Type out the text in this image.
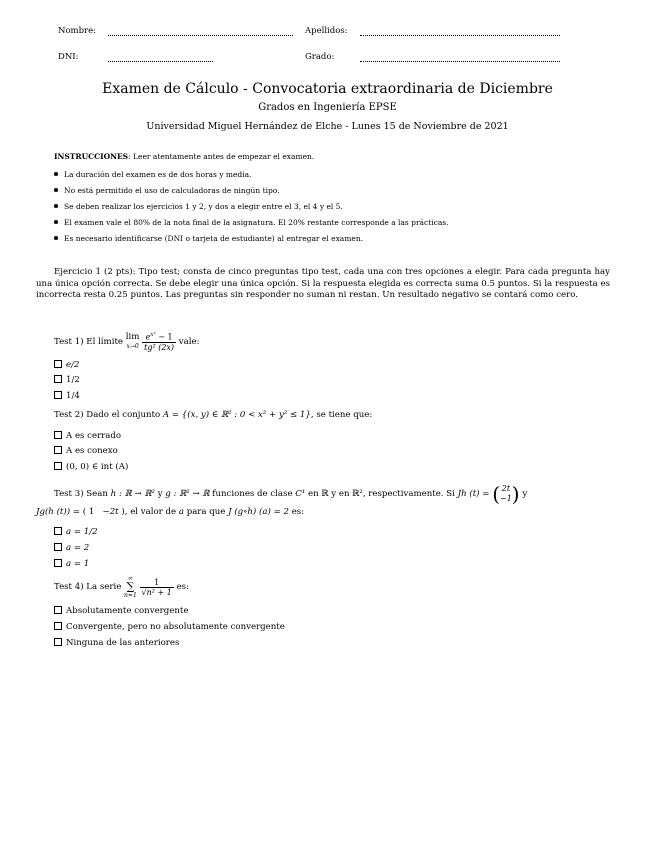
Nombre:	Apellidos:
DNI:	Grado:
Examen de Cálculo - Convocatoria extraordinaria de Diciembre
Grados en Ingeniería EPSE
Universidad Miguel Hernández de Elche - Lunes 15 de Noviembre de 2021
INSTRUCCIONES: Leer atentamente antes de empezar el examen.
La duración del examen es de dos horas y media.
No está permitido el uso de calculadoras de ningún tipo.
Se deben realizar los ejercicios 1 y 2, y dos a elegir entre el 3, el 4 y el 5.
El examen vale el 80% de la nota final de la asignatura. El 20% restante corresponde a las prácticas.
Es necesario identificarse (DNI o tarjeta de estudiante) al entregar el examen.
Ejercicio 1 (2 pts): Tipo test; consta de cinco preguntas tipo test, cada una con tres opciones a elegir. Para cada pregunta hay una única opción correcta. Se debe elegir una única opción. Si la respuesta elegida es correcta suma 0.5 puntos. Si la respuesta es incorrecta resta 0.25 puntos. Las preguntas sin responder no suman ni restan. Un resultado negativo se contará como cero.
Test 1) El límite
lim
x→0
$\frac{e^{x^2} - 1}{\text{tg² (2x)}}$
vale:
e/2
1/2
1/4
Test 2) Dado el conjunto A = {(x, y) ∈ ℝ² : 0 < x² + y² ≤ 1}, se tiene que:
A es cerrado
A es conexo
(0, 0) ∈ int (A)
Test 3) Sean
h : ℝ → ℝ²
y
g : ℝ² → ℝ
funciones de clase
C¹
en
ℝ
y en
ℝ² , respectivamente. Si
Jh (t) =
( 2t
−1 )
y
Jg(h (t)) = ( 1 −2t ), el valor de a para que J (g∘h) (a) = 2 es:
a = 1/2
a = 2
a = 1
Test 4) La serie

∞
∑
n=1
$\frac{1}{\text{√n² + 1}}$
es:
Absolutamente convergente
Convergente, pero no absolutamente convergente
Ninguna de las anteriores
